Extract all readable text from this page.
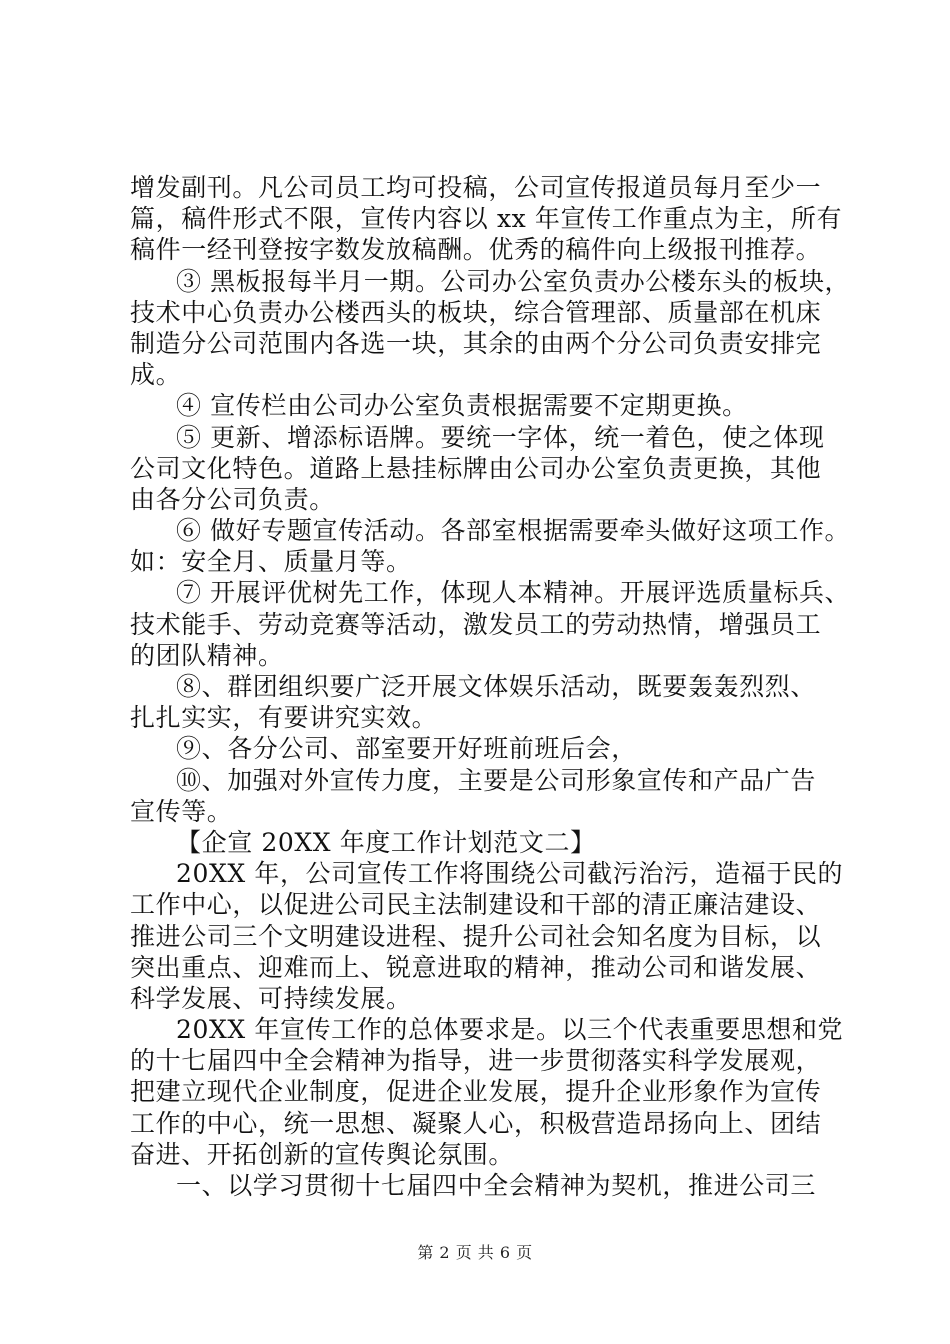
增发副刊。凡公司员工均可投稿，公司宣传报道员每月至少一
篇，稿件形式不限，宣传内容以 xx 年宣传工作重点为主，所有
稿件一经刊登按字数发放稿酬。优秀的稿件向上级报刊推荐。
③ 黑板报每半月一期。公司办公室负责办公楼东头的板块，
技术中心负责办公楼西头的板块，综合管理部、质量部在机床
制造分公司范围内各选一块，其余的由两个分公司负责安排完
成。
④ 宣传栏由公司办公室负责根据需要不定期更换。
⑤ 更新、增添标语牌。要统一字体，统一着色，使之体现
公司文化特色。道路上悬挂标牌由公司办公室负责更换，其他
由各分公司负责。
⑥ 做好专题宣传活动。各部室根据需要牵头做好这项工作。
如：安全月、质量月等。
⑦ 开展评优树先工作，体现人本精神。开展评选质量标兵、
技术能手、劳动竞赛等活动，激发员工的劳动热情，增强员工
的团队精神。
⑧、群团组织要广泛开展文体娱乐活动，既要轰轰烈烈、
扎扎实实，有要讲究实效。
⑨、各分公司、部室要开好班前班后会，
⑩、加强对外宣传力度，主要是公司形象宣传和产品广告
宣传等。
【企宣 20XX 年度工作计划范文二】
20XX 年，公司宣传工作将围绕公司截污治污，造福于民的
工作中心，以促进公司民主法制建设和干部的清正廉洁建设、
推进公司三个文明建设进程、提升公司社会知名度为目标，以
突出重点、迎难而上、锐意进取的精神，推动公司和谐发展、
科学发展、可持续发展。
20XX 年宣传工作的总体要求是。以三个代表重要思想和党
的十七届四中全会精神为指导，进一步贯彻落实科学发展观，
把建立现代企业制度，促进企业发展，提升企业形象作为宣传
工作的中心，统一思想、凝聚人心，积极营造昂扬向上、团结
奋进、开拓创新的宣传舆论氛围。
一、以学习贯彻十七届四中全会精神为契机，推进公司三
第 2 页 共 6 页
